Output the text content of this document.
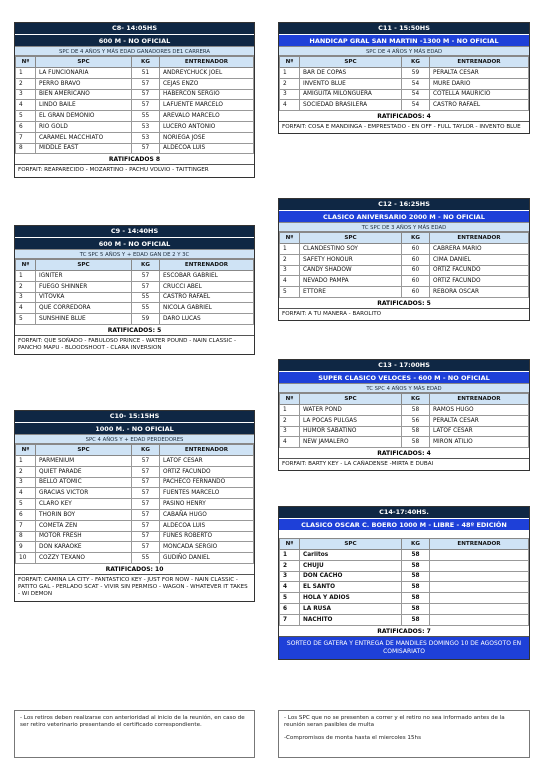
C8- 14:05HS
600 M - NO OFICIAL
SPC DE 4 AÑOS Y MÁS EDAD GANADORES DE1 CARRERA
Nº	SPC	KG	ENTRENADOR
1	LA FUNCIONARIA	51	ANDREYCHUCK JOEL
2	PERRO BRAVO	57	CEJAS ENZO
3	BIEN AMERICANO	57	HABERCON SERGIO
4	LINDO BAILE	57	LAFUENTE MARCELO
5	EL GRAN DEMONIO	55	AREVALO MARCELO
6	RIO GOLD	53	LUCERO ANTONIO
7	CARAMEL MACCHIATO	53	NORIEGA JOSE
8	MIDDLE EAST	57	ALDECOA LUIS
RATIFICADOS 8
FORFAIT: REAPARECIDO - MOZARTINO - PACHU VOLVIO - TAITTINGER
C9 - 14:40HS
600 M - NO OFICIAL
TC SPC 5 AÑOS Y + EDAD GAN DE 2 Y 3C
Nº	SPC	KG	ENTRENADOR
1	IGNITER	57	ESCOBAR GABRIEL
2	FUEGO SHINNER	57	CRUCCI ABEL
3	VITOVKA	55	CASTRO RAFAEL
4	QUE CORREDORA	55	NICOLA GABRIEL
5	SUNSHINE BLUE	59	DARO LUCAS
RATIFICADOS: 5
FORFAIT: QUE SOÑADO - FABULOSO PRINCE - WATER POUND - NAIN CLASSIC - PANCHO MAPU - BLOODSHOOT - CLARA INVERSION
C10- 15:15HS
1000 M. - NO OFICIAL
SPC 4 AÑOS Y + EDAD PERDEDORES
Nº	SPC	KG	ENTRENADOR
1	PARMENIUM	57	LATOF CESAR
2	QUIET PARADE	57	ORTIZ FACUNDO
3	BELLO ATOMIC	57	PACHECO FERNANDO
4	GRACIAS VICTOR	57	FUENTES MARCELO
5	CLARO KEY	57	PASINO HENRY
6	THORIN BOY	57	CABAÑA HUGO
7	COMETA ZEN	57	ALDECOA LUIS
8	MOTOR FRESH	57	FUNES ROBERTO
9	DON KARAOKE	57	MONCADA SERGIO
10	COZZY TEXANO	55	GUDIÑO DANIEL
RATIFICADOS: 10
FORFAIT: CAMINA LA CITY - FANTASTICO KEY - JUST FOR NOW - NAIN CLASSIC - PATITO GAL - PERLADO SCAT - VIVIR SIN PERMISO - WAGON - WHATEVER IT TAKES - WI DEMON
C11 - 15:50HS
HANDICAP GRAL SAN MARTIN -1300 M - NO OFICIAL
SPC DE 4 AÑOS Y MÁS EDAD
Nº	SPC	KG	ENTRENADOR
1	BAR DE COPAS	59	PERALTA CESAR
2	INVENTO BLUE	54	MURE DARIO
3	AMIGUITA MILONGUERA	54	COTELLA MAURICIO
4	SOCIEDAD BRASILERA	54	CASTRO RAFAEL
RATIFICADOS: 4
FORFAIT: COSA E MANDINGA - EMPRESTADO - EN OFF - FULL TAYLOR - INVENTO BLUE
C12 - 16:25HS
CLASICO ANIVERSARIO 2000 M - NO OFICIAL
TC SPC DE 3 AÑOS Y MÁS EDAD
Nº	SPC	KG	ENTRENADOR
1	CLANDESTINO SOY	60	CABRERA MARIO
2	SAFETY HONOUR	60	CIMA DANIEL
3	CANDY SHADOW	60	ORTIZ FACUNDO
4	NEVADO PAMPA	60	ORTIZ FACUNDO
5	ETTORE	60	REBORA OSCAR
RATIFICADOS: 5
FORFAIT: A TU MANERA - BAROLITO
C13 - 17:00HS
SUPER CLASICO VELOCES - 600 M - NO OFICIAL
TC SPC 4 AÑOS Y MÁS EDAD
Nº	SPC	KG	ENTRENADOR
1	WATER POND	58	RAMOS HUGO
2	LA POCAS PULGAS	56	PERALTA CESAR
3	HUMOR SABATINO	58	LATOF CESAR
4	NEW JAMALERO	58	MIRON ATILIO
RATIFICADOS: 4
FORFAIT: BARTY KEY - LA CAÑADENSE -MIRTA E DUBAI
C14-17:40HS.
CLASICO OSCAR C. BOERO 1000 M - LIBRE - 48º EDICIÓN
Nº	SPC	KG	ENTRENADOR
1	Carlitos	58	
2	CHUJU	58	
3	DON CACHO	58	
4	EL SANTO	58	
5	HOLA Y ADIOS	58	
6	LA RUSA	58	
7	NACHITO	58	
RATIFICADOS: 7
SORTEO DE GATERA Y ENTREGA DE MANDILES DOMINGO 10 DE AGOSOTO EN COMISARIATO
- Los retiros deben realizarse con anterioridad al inicio de la reunión, en caso de ser retiro veterinario presentando el certificado correspondiente.
- Los SPC que no se presenten a correr y el retiro no sea informado antes de la reunión seran pasibles de multa
-Compromisos de monta hasta el miercoles 15hs
